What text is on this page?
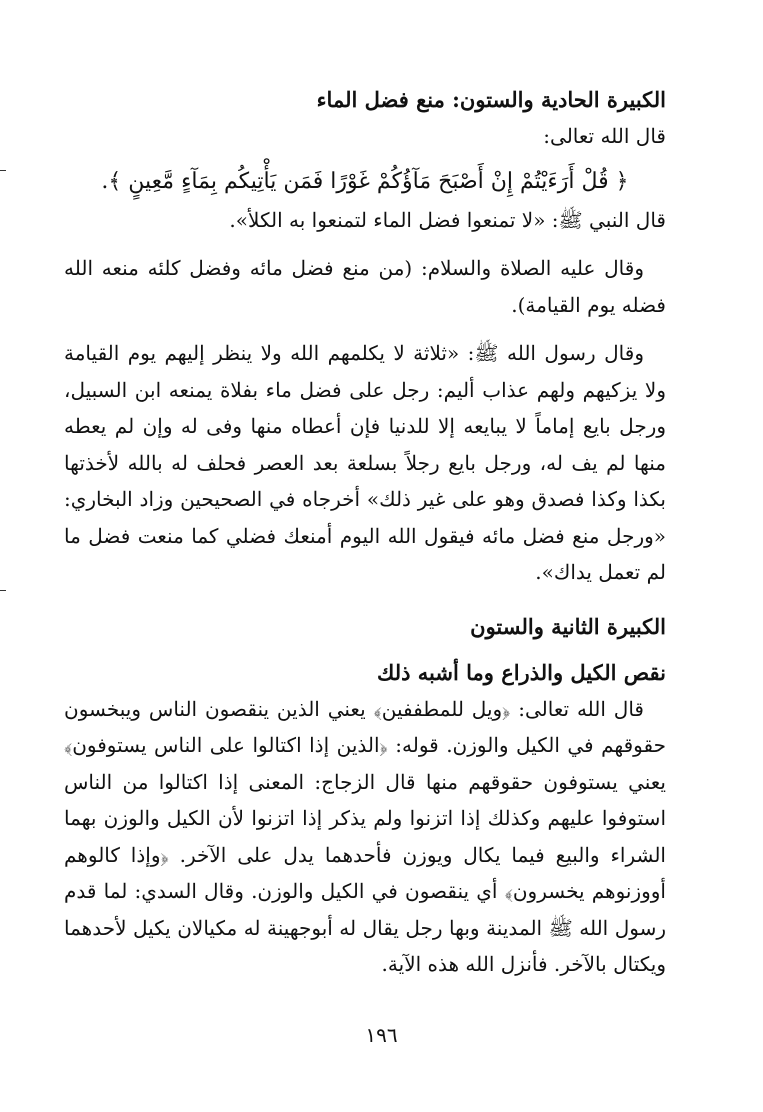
الكبيرة الحادية والستون: منع فضل الماء

قال الله تعالى:

﴿ قُلْ أَرَءَيْتُمْ إِنْ أَصْبَحَ مَآؤُكُمْ غَوْرًا فَمَن يَأْتِيكُم بِمَآءٍ مَّعِينٍ ﴾.

قال النبي ﷺ: «لا تمنعوا فضل الماء لتمنعوا به الكلأ».

وقال عليه الصلاة والسلام: (من منع فضل مائه وفضل كلئه منعه الله فضله يوم القيامة).

وقال رسول الله ﷺ: «ثلاثة لا يكلمهم الله ولا ينظر إليهم يوم القيامة ولا يزكيهم ولهم عذاب أليم: رجل على فضل ماء بفلاة يمنعه ابن السبيل، ورجل بايع إماماً لا يبايعه إلا للدنيا فإن أعطاه منها وفى له وإن لم يعطه منها لم يف له، ورجل بايع رجلاً بسلعة بعد العصر فحلف له بالله لأخذتها بكذا وكذا فصدق وهو على غير ذلك» أخرجاه في الصحيحين وزاد البخاري: «ورجل منع فضل مائه فيقول الله اليوم أمنعك فضلي كما منعت فضل ما لم تعمل يداك».

الكبيرة الثانية والستون
نقص الكيل والذراع وما أشبه ذلك

قال الله تعالى: ﴿ويل للمطففين﴾ يعني الذين ينقصون الناس ويبخسون حقوقهم في الكيل والوزن. قوله: ﴿الذين إذا اكتالوا على الناس يستوفون﴾ يعني يستوفون حقوقهم منها قال الزجاج: المعنى إذا اكتالوا من الناس استوفوا عليهم وكذلك إذا اتزنوا ولم يذكر إذا اتزنوا لأن الكيل والوزن بهما الشراء والبيع فيما يكال ويوزن فأحدهما يدل على الآخر. ﴿وإذا كالوهم أووزنوهم يخسرون﴾ أي ينقصون في الكيل والوزن. وقال السدي: لما قدم رسول الله ﷺ المدينة وبها رجل يقال له أبوجهينة له مكيالان يكيل لأحدهما ويكتال بالآخر. فأنزل الله هذه الآية.

١٩٦
